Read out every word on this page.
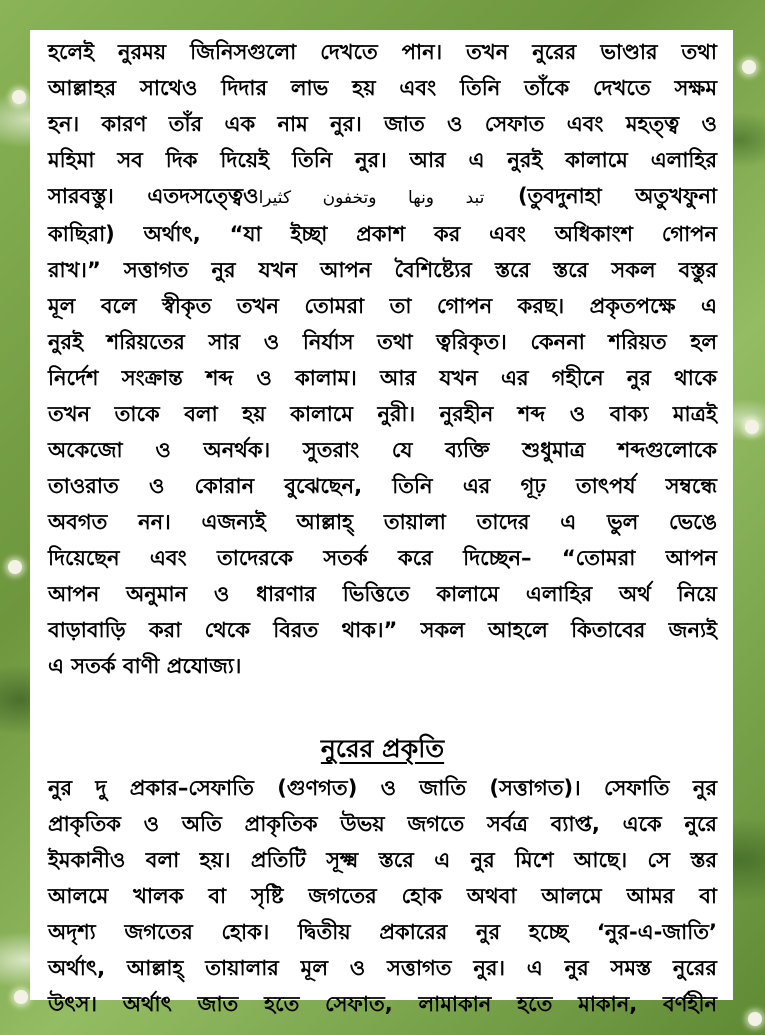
হলেই নুরময় জিনিসগুলো দেখতে পান। তখন নুরের ভাণ্ডার তথা
আল্লাহর সাথেও দিদার লাভ হয় এবং তিনি তাঁকে দেখতে সক্ষম
হন। কারণ তাঁর এক নাম নুর। জাত ও সেফাত এবং মহত্ত্ব ও
মহিমা সব দিক দিয়েই তিনি নুর। আর এ নুরই কালামে এলাহির
সারবস্তু। এতদসত্ত্বেওتبد ونها وتخفون كثيرا (তুবদুনাহা অতুখফুনা
কাছিরা) অর্থাৎ, “যা ইচ্ছা প্রকাশ কর এবং অধিকাংশ গোপন
রাখ।” সত্তাগত নুর যখন আপন বৈশিষ্ট্যের স্তরে স্তরে সকল বস্তুর
মূল বলে স্বীকৃত তখন তোমরা তা গোপন করছ। প্রকৃতপক্ষে এ
নুরই শরিয়তের সার ও নির্যাস তথা ত্বরিকৃত। কেননা শরিয়ত হল
নির্দেশ সংক্রান্ত শব্দ ও কালাম। আর যখন এর গহীনে নুর থাকে
তখন তাকে বলা হয় কালামে নুরী। নুরহীন শব্দ ও বাক্য মাত্রই
অকেজো ও অনর্থক। সুতরাং যে ব্যক্তি শুধুমাত্র শব্দগুলোকে
তাওরাত ও কোরান বুঝেছেন, তিনি এর গূঢ় তাৎপর্য সম্বন্ধে
অবগত নন। এজন্যই আল্লাহ্ তায়ালা তাদের এ ভুল ভেঙে
দিয়েছেন এবং তাদেরকে সতর্ক করে দিচ্ছেন– “তোমরা আপন
আপন অনুমান ও ধারণার ভিত্তিতে কালামে এলাহির অর্থ নিয়ে
বাড়াবাড়ি করা থেকে বিরত থাক।” সকল আহলে কিতাবের জন্যই
এ সতর্ক বাণী প্রযোজ্য।
নুরের প্রকৃতি
নুর দু প্রকার–সেফাতি (গুণগত) ও জাতি (সত্তাগত)। সেফাতি নুর
প্রাকৃতিক ও অতি প্রাকৃতিক উভয় জগতে সর্বত্র ব্যাপ্ত, একে নুরে
ইমকানীও বলা হয়। প্রতিটি সূক্ষ্ম স্তরে এ নুর মিশে আছে। সে স্তর
আলমে খালক বা সৃষ্টি জগতের হোক অথবা আলমে আমর বা
অদৃশ্য জগতের হোক। দ্বিতীয় প্রকারের নুর হচ্ছে ‘নুর-এ-জাতি’
অর্থাৎ, আল্লাহ্ তায়ালার মূল ও সত্তাগত নুর। এ নুর সমস্ত নুরের
উৎস। অর্থাৎ জাত হতে সেফাত, লামাকান হতে মাকান, বর্ণহীন
